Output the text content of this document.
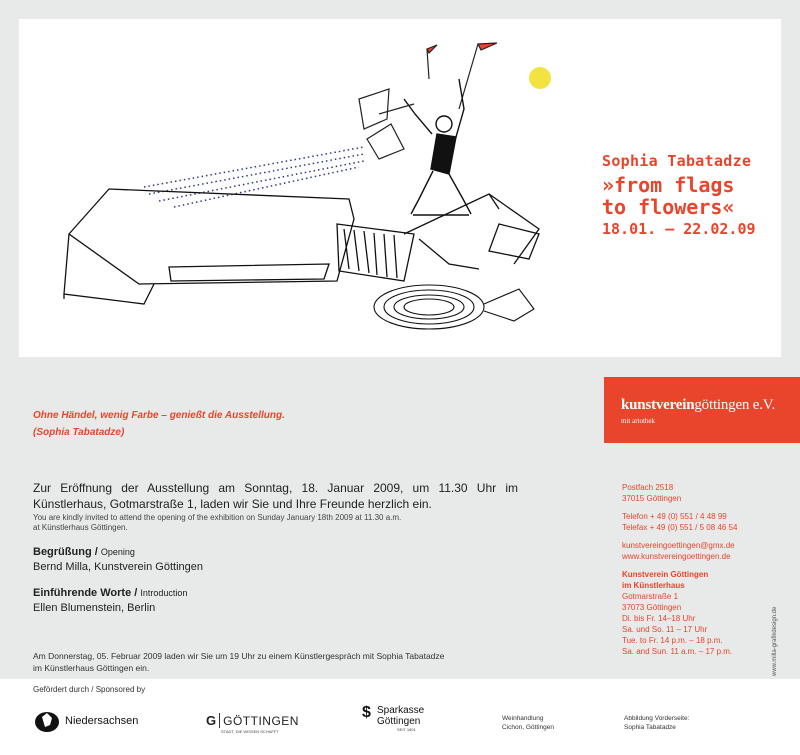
Sophia Tabatadze
»from flags
to flowers«
18.01. – 22.02.09
kunstvereingöttingen e.V.
mit artothek
Ohne Händel, wenig Farbe – genießt die Ausstellung.
(Sophia Tabatadze)
Zur Eröffnung der Ausstellung am Sonntag, 18. Januar 2009, um 11.30 Uhr im Künstlerhaus, Gotmarstraße 1, laden wir Sie und Ihre Freunde herzlich ein.
You are kindly invited to attend the opening of the exhibition on Sunday January 18th 2009 at 11.30 a.m.
at Künstlerhaus Göttingen.
Begrüßung / Opening
Bernd Milla, Kunstverein Göttingen
Einführende Worte / Introduction
Ellen Blumenstein, Berlin
Am Donnerstag, 05. Februar 2009 laden wir Sie um 19 Uhr zu einem Künstlergespräch mit Sophia Tabatadze
im Künstlerhaus Göttingen ein.
Postfach 2518
37015 Göttingen
Telefon + 49 (0) 551 / 4 48 99
Telefax + 49 (0) 551 / 5 08 46 54
kunstvereingoettingen@gmx.de
www.kunstvereingoettingen.de
Kunstverein Göttingen
im Künstlerhaus
Gotmarstraße 1
37073 Göttingen
Di. bis Fr. 14–18 Uhr
Sa. und So. 11 – 17 Uhr
Tue. to Fr. 14 p.m. – 18 p.m.
Sa. and Sun. 11 a.m. – 17 p.m.	www.milla-grafikdesign.de
Gefördert durch / Sponsored by
Niedersachsen	G GÖTTINGEN
STADT, DIE WISSEN SCHAFFT
$ Sparkasse
Göttingen
SEIT 1801
Weinhandlung
Cichon, Göttingen
Abbildung Vorderseite:
Sophia Tabatadze
